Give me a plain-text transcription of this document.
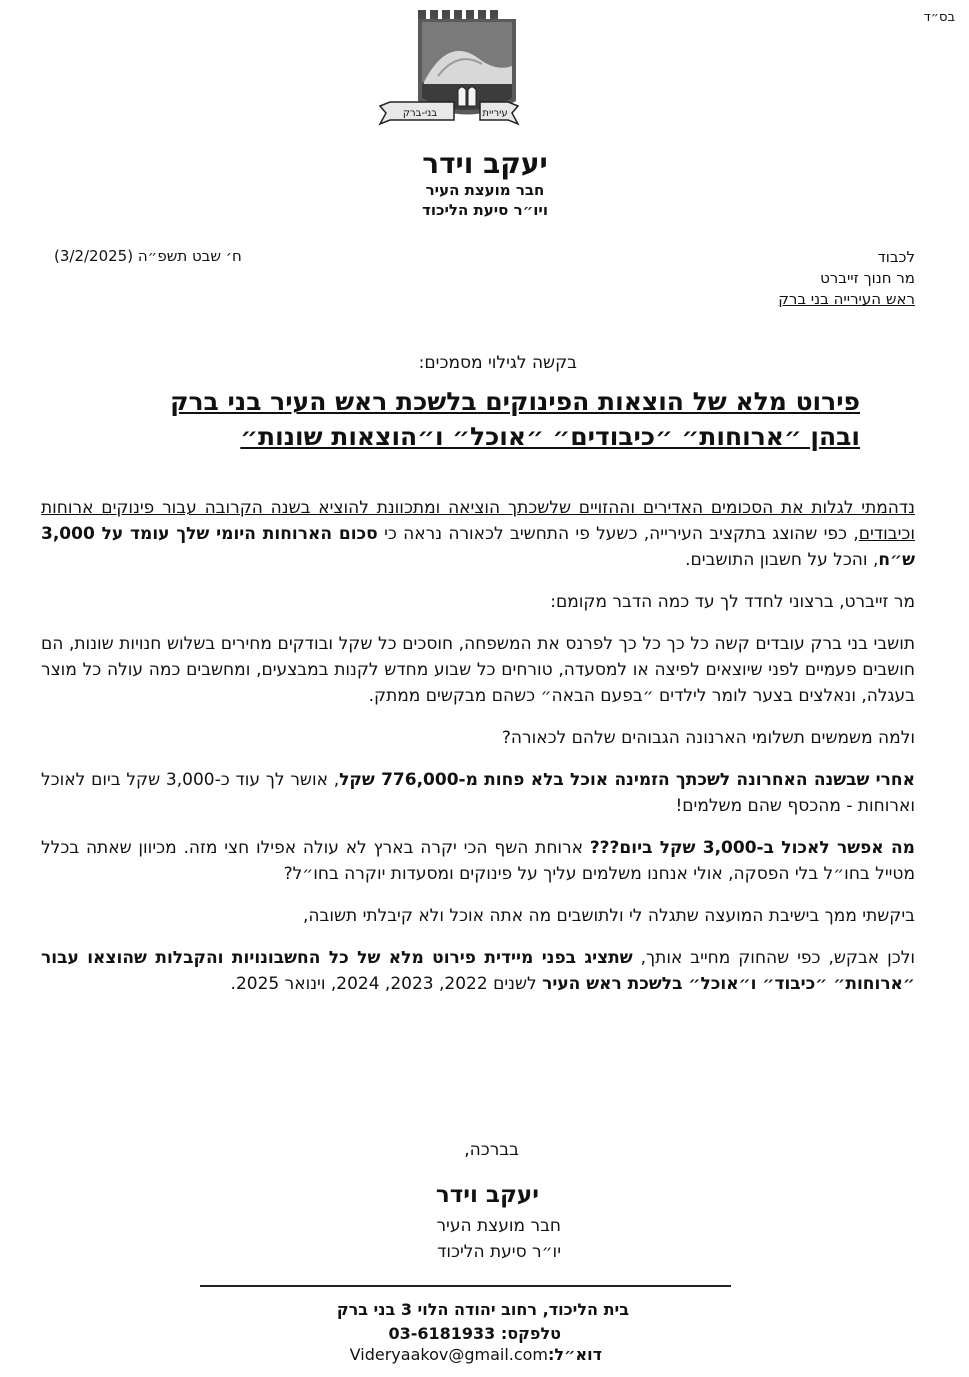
בס״ד
בני-ברק	עיריית
יעקב וידר
חבר מועצת העיר
ויו״ר סיעת הליכוד
ח׳ שבט תשפ״ה (3/2/2025)	לכבוד
מר חנוך זייברט
ראש העירייה בני ברק
בקשה לגילוי מסמכים:
פירוט מלא של הוצאות הפינוקים בלשכת ראש העיר בני ברק
ובהן ״ארוחות״ ״כיבודים״ ״אוכל״ ו״הוצאות שונות״

נדהמתי לגלות את הסכומים האדירים וההזויים שלשכתך הוציאה ומתכוונת להוציא בשנה הקרובה עבור פינוקים ארוחות וכיבודים, כפי שהוצג בתקציב העירייה, כשעל פי התחשיב לכאורה נראה כי סכום הארוחות היומי שלך עומד על 3,000 ש״ח, והכל על חשבון התושבים.

מר זייברט, ברצוני לחדד לך עד כמה הדבר מקומם:

תושבי בני ברק עובדים קשה כל כך כל כך לפרנס את המשפחה, חוסכים כל שקל ובודקים מחירים בשלוש חנויות שונות, הם חושבים פעמיים לפני שיוצאים לפיצה או למסעדה, טורחים כל שבוע מחדש לקנות במבצעים, ומחשבים כמה עולה כל מוצר בעגלה, ונאלצים בצער לומר לילדים ״בפעם הבאה״ כשהם מבקשים ממתק.

ולמה משמשים תשלומי הארנונה הגבוהים שלהם לכאורה?

אחרי שבשנה האחרונה לשכתך הזמינה אוכל בלא פחות מ-776,000 שקל, אושר לך עוד כ-3,000 שקל ביום לאוכל וארוחות - מהכסף שהם משלמים!

מה אפשר לאכול ב-3,000 שקל ביום??? ארוחת השף הכי יקרה בארץ לא עולה אפילו חצי מזה. מכיוון שאתה בכלל מטייל בחו״ל בלי הפסקה, אולי אנחנו משלמים עליך על פינוקים ומסעדות יוקרה בחו״ל?

ביקשתי ממך בישיבת המועצה שתגלה לי ולתושבים מה אתה אוכל ולא קיבלתי תשובה,

ולכן אבקש, כפי שהחוק מחייב אותך, שתציג בפני מיידית פירוט מלא של כל החשבונויות והקבלות שהוצאו עבור ״ארוחות״ ״כיבוד״ ו״אוכל״ בלשכת ראש העיר לשנים 2022, 2023, 2024, וינואר 2025.

בברכה,
יעקב וידר
חבר מועצת העיר
יו״ר סיעת הליכוד
בית הליכוד, רחוב יהודה הלוי 3 בני ברק
טלפקס: 03-6181933
דוא״ל:Videryaakov@gmail.com
